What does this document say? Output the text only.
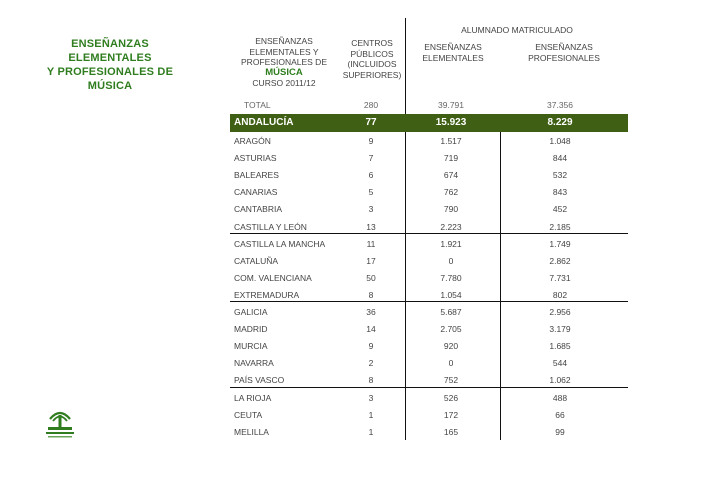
ENSEÑANZAS ELEMENTALES
Y PROFESIONALES DE
MÚSICA
ENSEÑANZAS
ELEMENTALES Y
PROFESIONALES DE
MÚSICA
CURSO 2011/12
CENTROS
PÚBLICOS
(INCLUIDOS
SUPERIORES)
ALUMNADO MATRICULADO
ENSEÑANZAS
ELEMENTALES
ENSEÑANZAS
PROFESIONALES
TOTAL	280	39.791	37.356
ANDALUCÍA	77	15.923	8.229
ARAGÓN	9	1.517	1.048
ASTURIAS	7	719	844
BALEARES	6	674	532
CANARIAS	5	762	843
CANTABRIA	3	790	452
CASTILLA Y LEÓN	13	2.223	2.185
CASTILLA LA MANCHA	11	1.921	1.749
CATALUÑA	17	0	2.862
COM. VALENCIANA	50	7.780	7.731
EXTREMADURA	8	1.054	802
GALICIA	36	5.687	2.956
MADRID	14	2.705	3.179
MURCIA	9	920	1.685
NAVARRA	2	0	544
PAÍS VASCO	8	752	1.062
LA RIOJA	3	526	488
CEUTA	1	172	66
MELILLA	1	165	99
